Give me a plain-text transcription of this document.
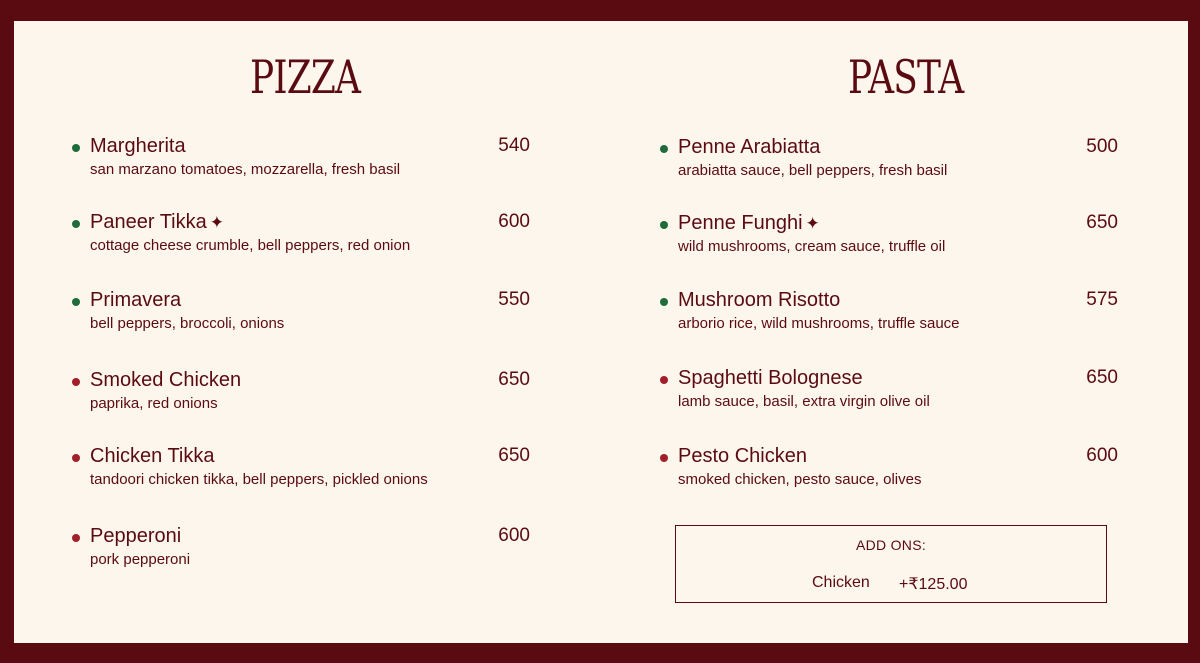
PIZZA
Margherita
san marzano tomatoes, mozzarella, fresh basil
540
Paneer Tikka ✦
cottage cheese crumble, bell peppers, red onion
600
Primavera
bell peppers, broccoli, onions
550
Smoked Chicken
paprika, red onions
650
Chicken Tikka
tandoori chicken tikka, bell peppers, pickled onions
650
Pepperoni
pork pepperoni
600
PASTA
Penne Arabiatta
arabiatta sauce, bell peppers, fresh basil
500
Penne Funghi ✦
wild mushrooms, cream sauce, truffle oil
650
Mushroom Risotto
arborio rice, wild mushrooms, truffle sauce
575
Spaghetti Bolognese
lamb sauce, basil, extra virgin olive oil
650
Pesto Chicken
smoked chicken, pesto sauce, olives
600
ADD ONS:
Chicken +₹125.00
